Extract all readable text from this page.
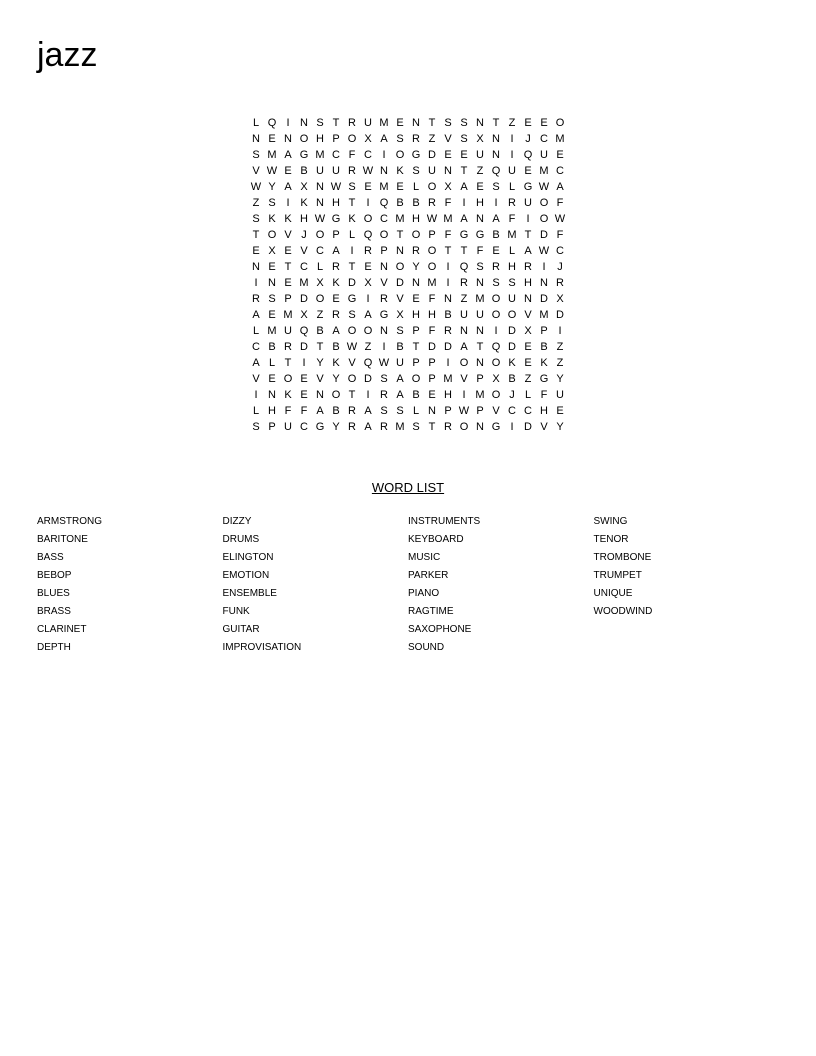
jazz
L Q I N S T R U M E N T S S N T Z E E O
N E N O H P O X A S R Z V S X N I	J C M
S M A G M C F C I O G D E E U N I Q U E
V W E B U U R W N K S U N T Z Q U E M C
W Y A X N W S E M E L O X A E S L G W A
Z S I K N H T	I Q B B R F	I H I R U O F
S K K H W G K O C M H W M A N A F	I O W
T O V J O P L Q O T O P F G G B M T D F
E X E V C A I R P N R O T T F E L A W C
N E T C L R T E N O Y O I Q S R H R I	J
I N E M X K D X V D N M I R N S S H N R
R S P D O E G I R V E F N Z M O U N D X
A E M X Z R S A G X H H B U U O O V M D
L M U Q B A O O N S P F R N N I D X P I
C B R D T B W Z	I B T D D A T Q D E B Z
A L T	I Y K V Q W U P P I O N O K E K Z
V E O E V Y O D S A O P M V P X B Z G Y
I N K E N O T	I R A B E H I M O J L F U
L H F F A B R A S S L N P W P V C C H E
S P U C G Y R A R M S T R O N G I D V Y
WORD LIST
ARMSTRONG
BARITONE
BASS
BEBOP
BLUES
BRASS
CLARINET
DEPTH
DIZZY
DRUMS
ELINGTON
EMOTION
ENSEMBLE
FUNK
GUITAR
IMPROVISATION
INSTRUMENTS
KEYBOARD
MUSIC
PARKER
PIANO
RAGTIME
SAXOPHONE
SOUND
SWING
TENOR
TROMBONE
TRUMPET
UNIQUE
WOODWIND
